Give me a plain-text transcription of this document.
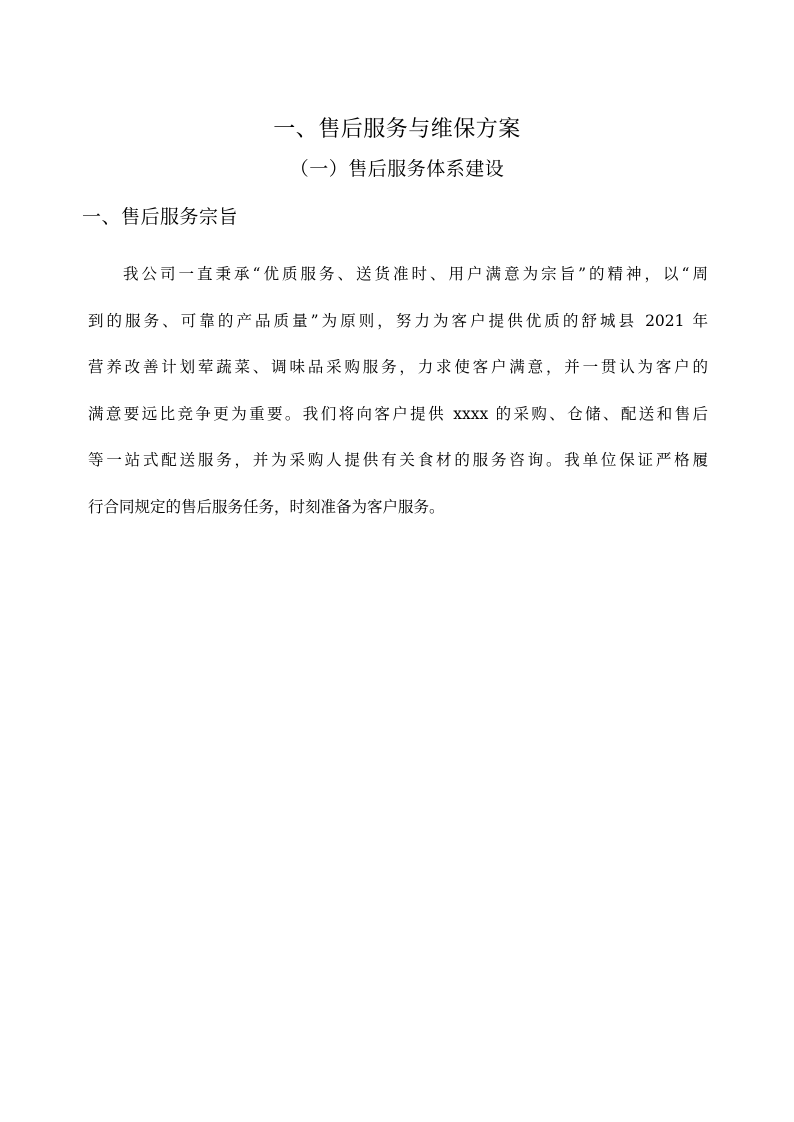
一、售后服务与维保方案
（一）售后服务体系建设
一、售后服务宗旨
我公司一直秉承“优质服务、送货准时、用户满意为宗旨”的精神，以“周
到的服务、可靠的产品质量”为原则，努力为客户提供优质的舒城县 2021 年
营养改善计划荤蔬菜、调味品采购服务，力求使客户满意，并一贯认为客户的
满意要远比竞争更为重要。我们将向客户提供 xxxx 的采购、仓储、配送和售后
等一站式配送服务，并为采购人提供有关食材的服务咨询。我单位保证严格履
行合同规定的售后服务任务，时刻准备为客户服务。
